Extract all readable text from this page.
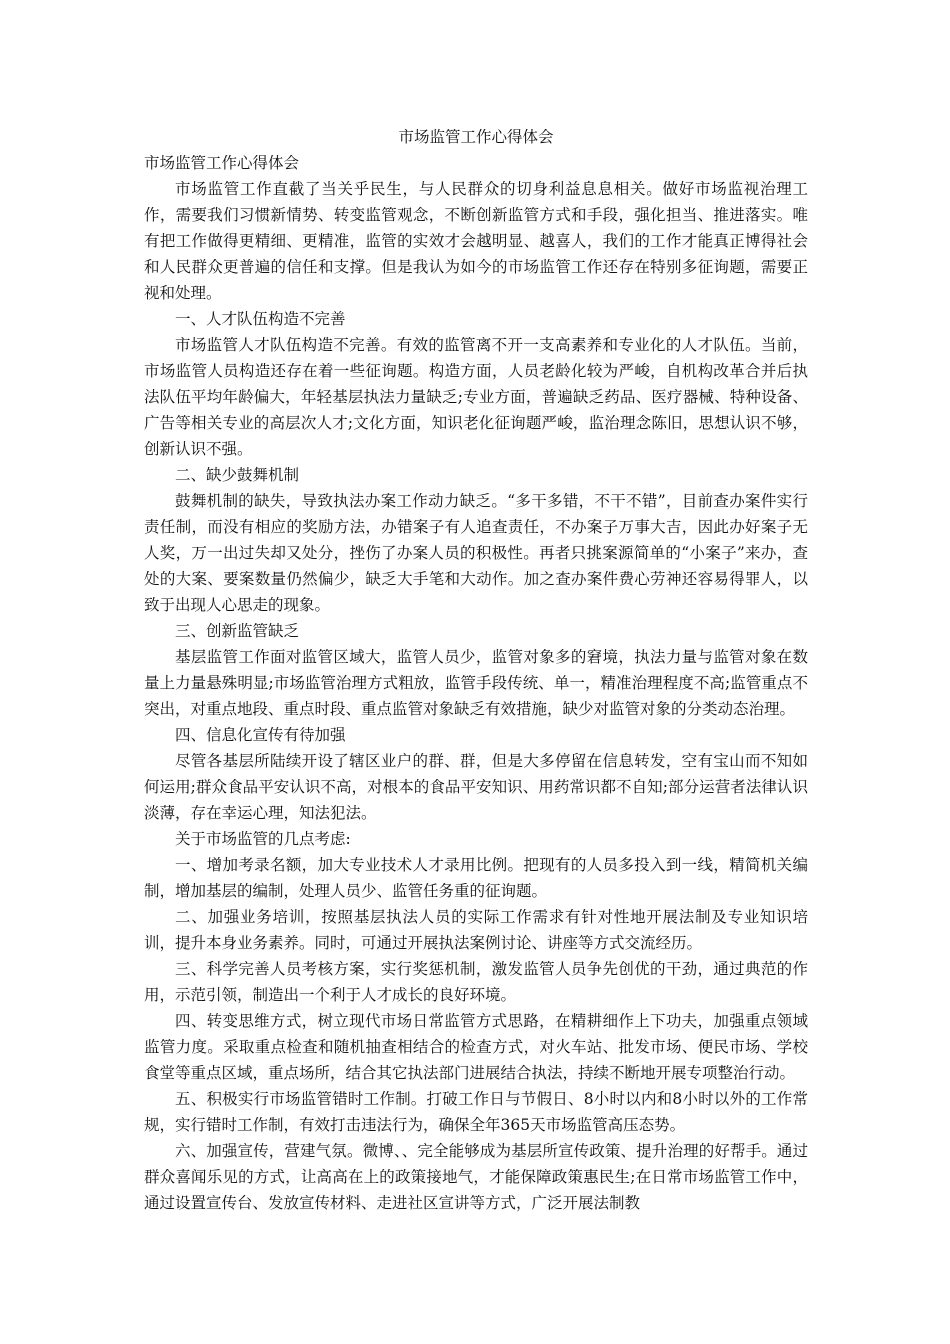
市场监管工作心得体会

市场监管工作心得体会

市场监管工作直截了当关乎民生，与人民群众的切身利益息息相关。做好市场监视治理工作，需要我们习惯新情势、转变监管观念，不断创新监管方式和手段，强化担当、推进落实。唯有把工作做得更精细、更精准，监管的实效才会越明显、越喜人，我们的工作才能真正博得社会和人民群众更普遍的信任和支撑。但是我认为如今的市场监管工作还存在特别多征询题，需要正视和处理。

一、人才队伍构造不完善

市场监管人才队伍构造不完善。有效的监管离不开一支高素养和专业化的人才队伍。当前，市场监管人员构造还存在着一些征询题。构造方面，人员老龄化较为严峻，自机构改革合并后执法队伍平均年龄偏大，年轻基层执法力量缺乏;专业方面，普遍缺乏药品、医疗器械、特种设备、广告等相关专业的高层次人才;文化方面，知识老化征询题严峻，监治理念陈旧，思想认识不够，创新认识不强。

二、缺少鼓舞机制

鼓舞机制的缺失，导致执法办案工作动力缺乏。“多干多错，不干不错”，目前查办案件实行责任制，而没有相应的奖励方法，办错案子有人追查责任，不办案子万事大吉，因此办好案子无人奖，万一出过失却又处分，挫伤了办案人员的积极性。再者只挑案源简单的“小案子”来办，查处的大案、要案数量仍然偏少，缺乏大手笔和大动作。加之查办案件费心劳神还容易得罪人，以致于出现人心思走的现象。

三、创新监管缺乏

基层监管工作面对监管区域大，监管人员少，监管对象多的窘境，执法力量与监管对象在数量上力量悬殊明显;市场监管治理方式粗放，监管手段传统、单一，精准治理程度不高;监管重点不突出，对重点地段、重点时段、重点监管对象缺乏有效措施，缺少对监管对象的分类动态治理。

四、信息化宣传有待加强

尽管各基层所陆续开设了辖区业户的群、群，但是大多停留在信息转发，空有宝山而不知如何运用;群众食品平安认识不高，对根本的食品平安知识、用药常识都不自知;部分运营者法律认识淡薄，存在幸运心理，知法犯法。

关于市场监管的几点考虑:

一、增加考录名额，加大专业技术人才录用比例。把现有的人员多投入到一线，精简机关编制，增加基层的编制，处理人员少、监管任务重的征询题。

二、加强业务培训，按照基层执法人员的实际工作需求有针对性地开展法制及专业知识培训，提升本身业务素养。同时，可通过开展执法案例讨论、讲座等方式交流经历。

三、科学完善人员考核方案，实行奖惩机制，激发监管人员争先创优的干劲，通过典范的作用，示范引领，制造出一个利于人才成长的良好环境。

四、转变思维方式，树立现代市场日常监管方式思路，在精耕细作上下功夫，加强重点领域监管力度。采取重点检查和随机抽查相结合的检查方式，对火车站、批发市场、便民市场、学校食堂等重点区域，重点场所，结合其它执法部门进展结合执法，持续不断地开展专项整治行动。

五、积极实行市场监管错时工作制。打破工作日与节假日、8小时以内和8小时以外的工作常规，实行错时工作制，有效打击违法行为，确保全年365天市场监管高压态势。

六、加强宣传，营建气氛。微博、、完全能够成为基层所宣传政策、提升治理的好帮手。通过群众喜闻乐见的方式，让高高在上的政策接地气，才能保障政策惠民生;在日常市场监管工作中，通过设置宣传台、发放宣传材料、走进社区宣讲等方式，广泛开展法制教
